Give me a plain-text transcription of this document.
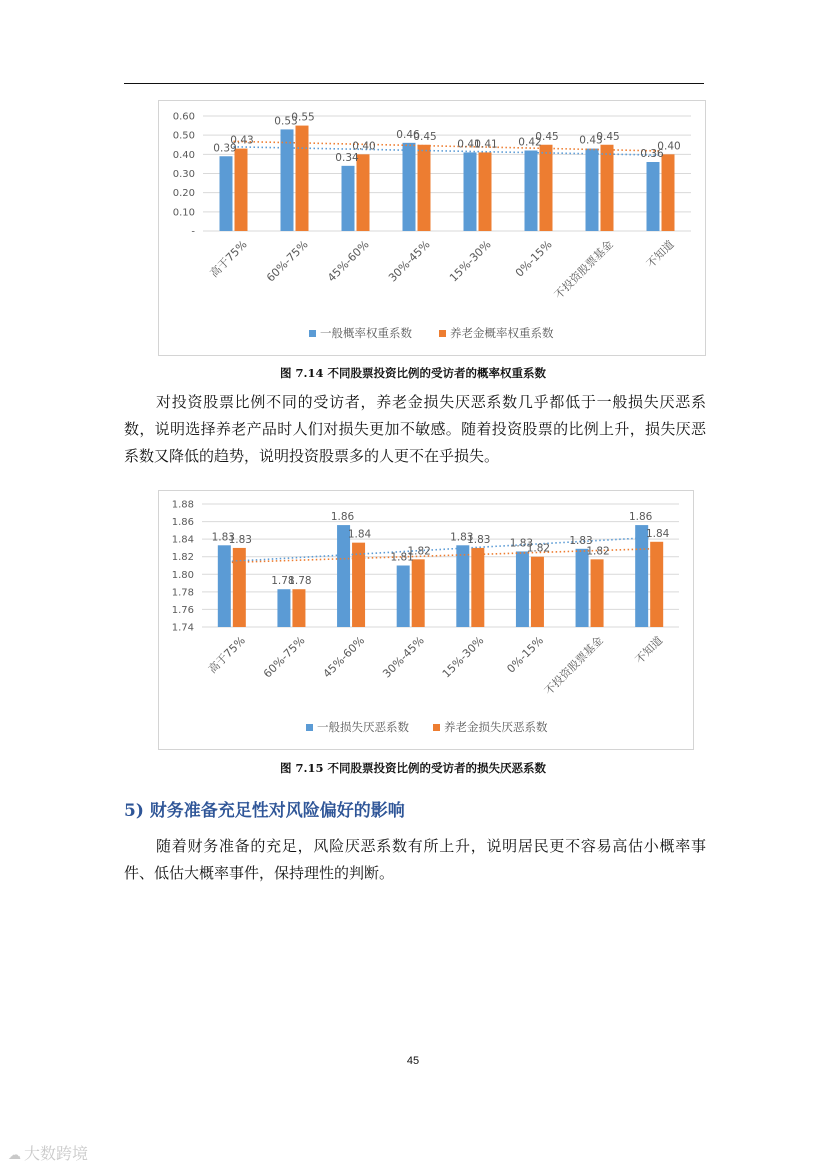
-
0.10
0.20
0.30
0.40
0.50
0.60
高于75% 60%-75% 45%-60% 30%-45% 15%-30% 0%-15%
不投资股票基金	不知道
0.39
0.53
0.34
0.46
0.41	0.42	0.43
0.36
0.43
0.55
0.40
0.45
0.41
0.45	0.45
0.40
一般概率权重系数	养老金概率权重系数
图 7.14 不同股票投资比例的受访者的概率权重系数

对投资股票比例不同的受访者，养老金损失厌恶系数几乎都低于一般损失厌恶系数，说明选择养老产品时人们对损失更加不敏感。随着投资股票的比例上升，损失厌恶系数又降低的趋势，说明投资股票多的人更不在乎损失。

1.74
1.76
1.78
1.80
1.82
1.84
1.86
1.88
高于75% 60%-75% 45%-60% 30%-45% 15%-30% 0%-15%
不投资股票基金 不知道
1.83
1.78
1.86
1.81
1.83
1.83	1.83
1.86
1.83
1.78
1.84
1.82
1.83
1.82	1.82
1.84
一般损失厌恶系数	养老金损失厌恶系数
图 7.15 不同股票投资比例的受访者的损失厌恶系数
5) 财务准备充足性对风险偏好的影响

随着财务准备的充足，风险厌恶系数有所上升，说明居民更不容易高估小概率事件、低估大概率事件，保持理性的判断。

45
☁ 大数跨境
